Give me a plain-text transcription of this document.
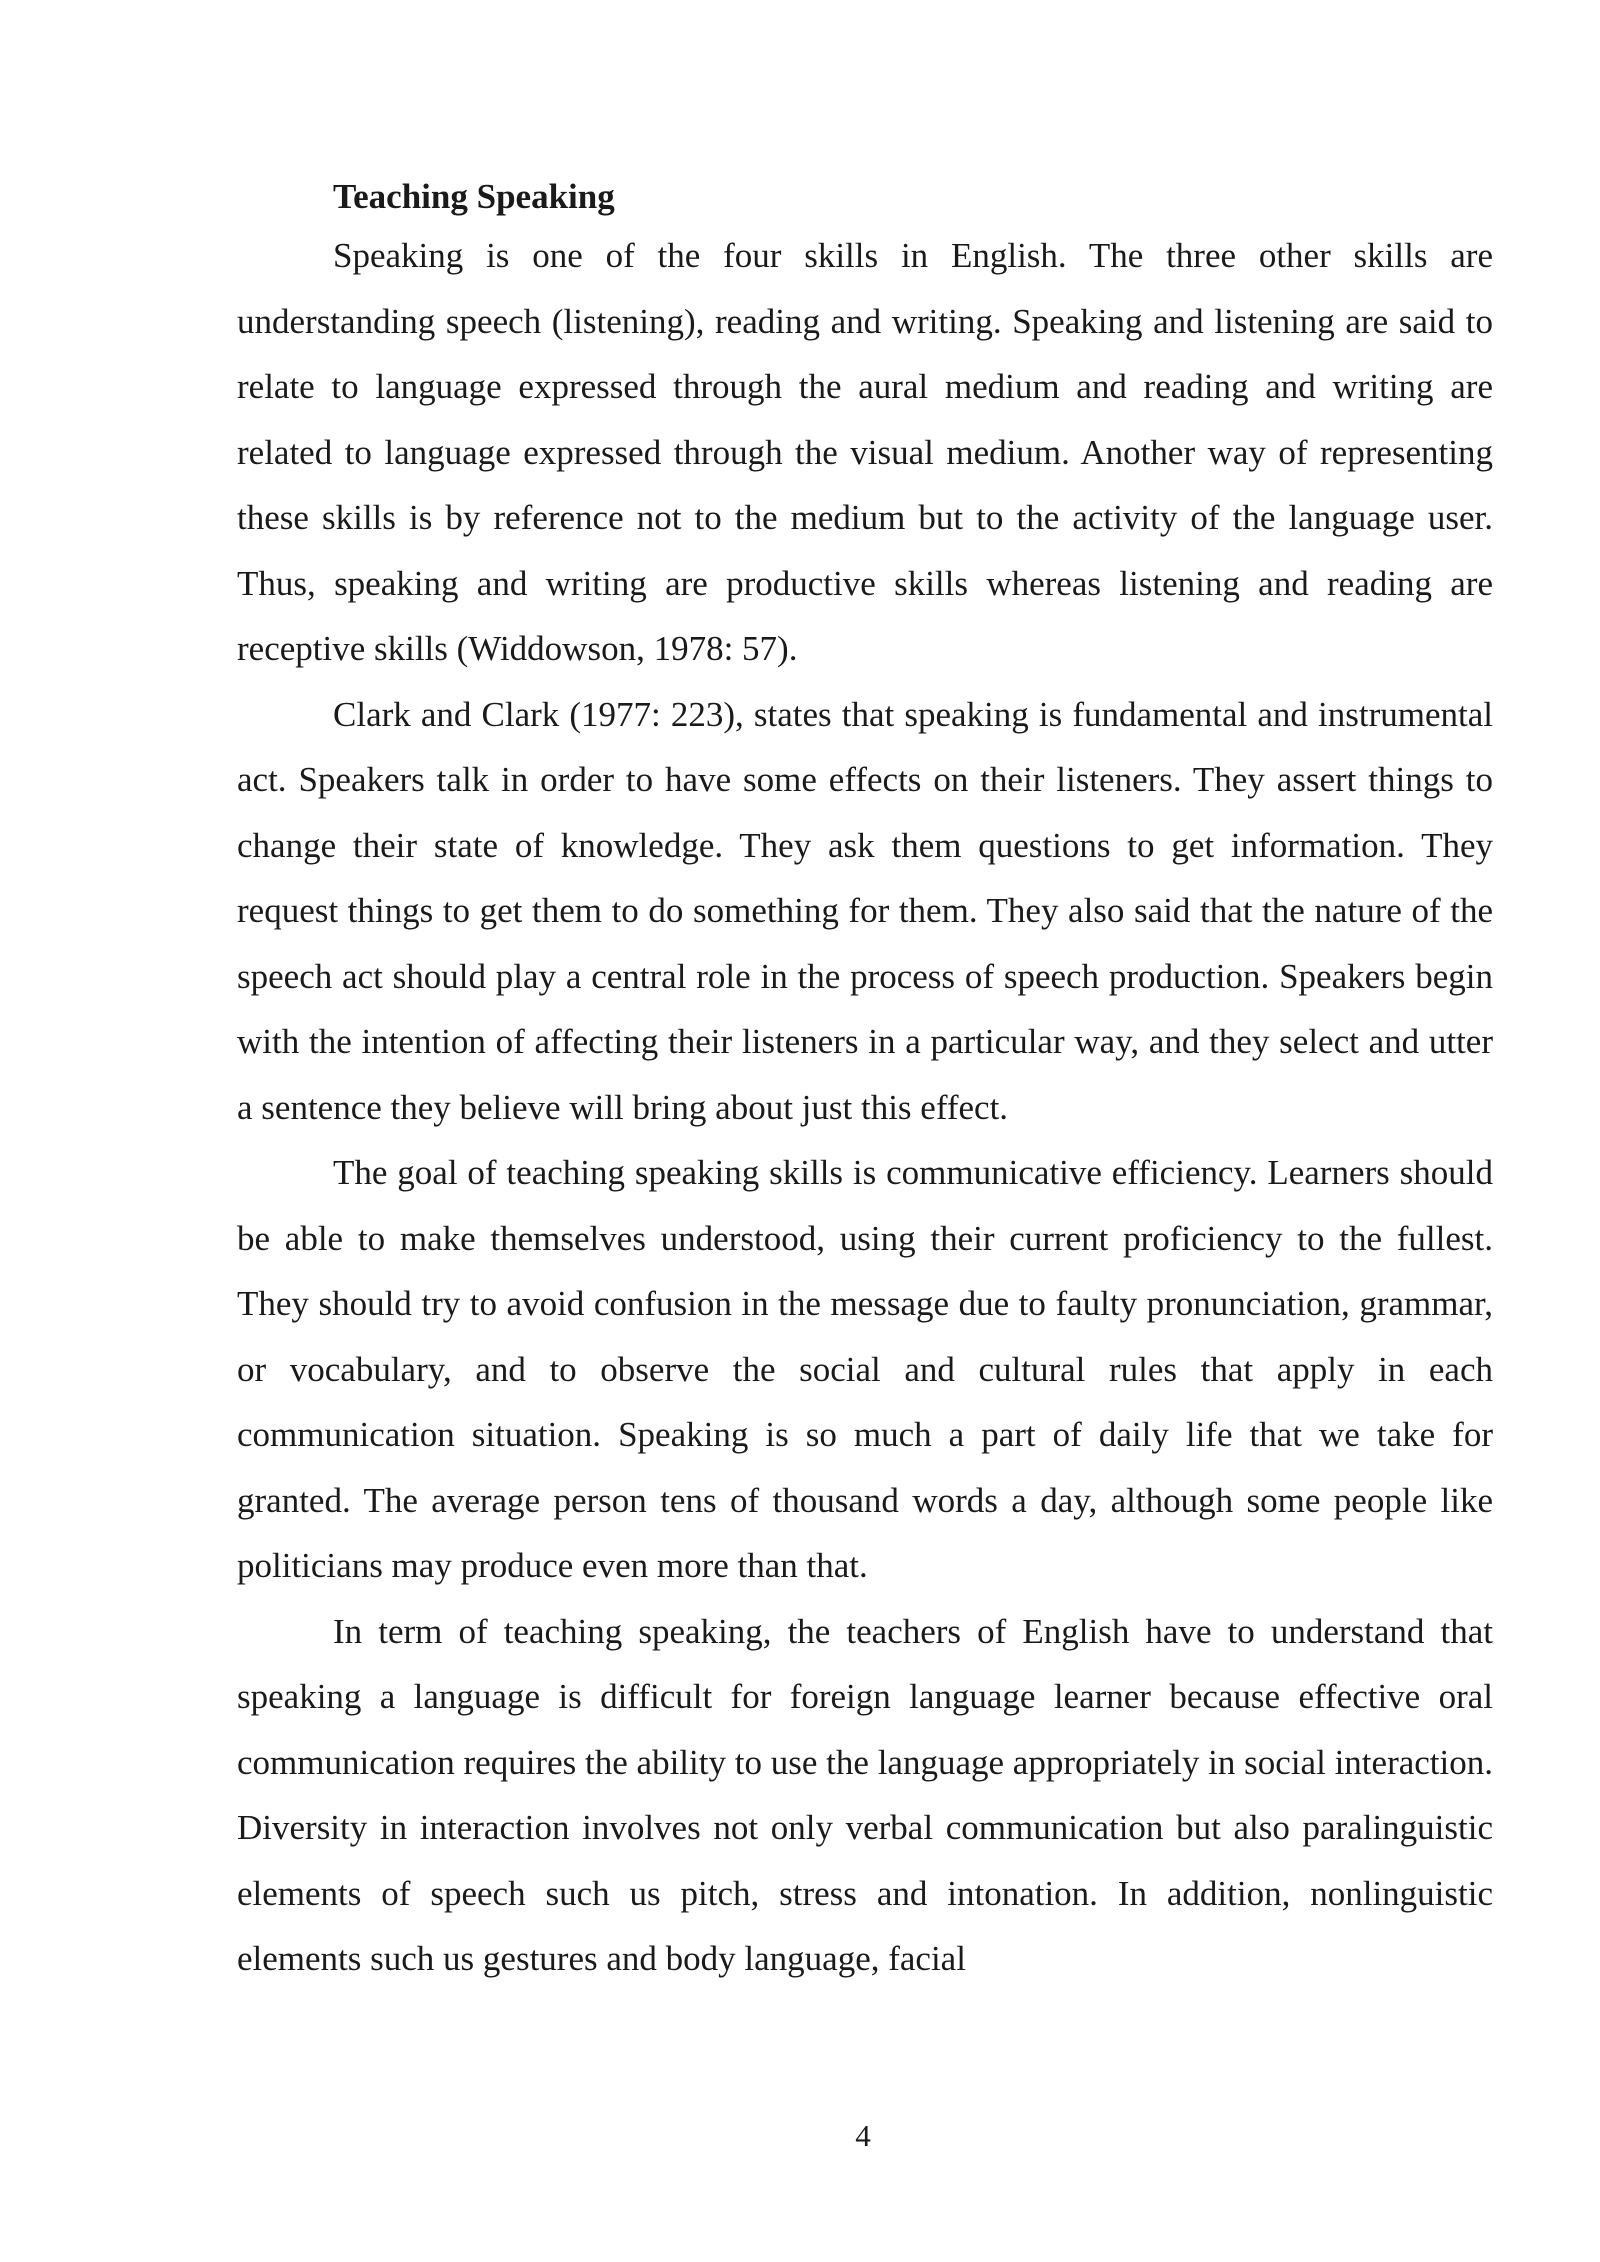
Teaching Speaking

Speaking is one of the four skills in English. The three other skills are understanding speech (listening), reading and writing. Speaking and listening are said to relate to language expressed through the aural medium and reading and writing are related to language expressed through the visual medium. Another way of representing these skills is by reference not to the medium but to the activity of the language user. Thus, speaking and writing are productive skills whereas listening and reading are receptive skills (Widdowson, 1978: 57).

Clark and Clark (1977: 223), states that speaking is fundamental and instrumental act. Speakers talk in order to have some effects on their listeners. They assert things to change their state of knowledge. They ask them questions to get information. They request things to get them to do something for them. They also said that the nature of the speech act should play a central role in the process of speech production. Speakers begin with the intention of affecting their listeners in a particular way, and they select and utter a sentence they believe will bring about just this effect.

The goal of teaching speaking skills is communicative efficiency. Learners should be able to make themselves understood, using their current proficiency to the fullest. They should try to avoid confusion in the message due to faulty pronunciation, grammar, or vocabulary, and to observe the social and cultural rules that apply in each communication situation. Speaking is so much a part of daily life that we take for granted. The average person tens of thousand words a day, although some people like politicians may produce even more than that.

In term of teaching speaking, the teachers of English have to understand that speaking a language is difficult for foreign language learner because effective oral communication requires the ability to use the language appropriately in social interaction. Diversity in interaction involves not only verbal communication but also paralinguistic elements of speech such us pitch, stress and intonation. In addition, nonlinguistic elements such us gestures and body language, facial

4
